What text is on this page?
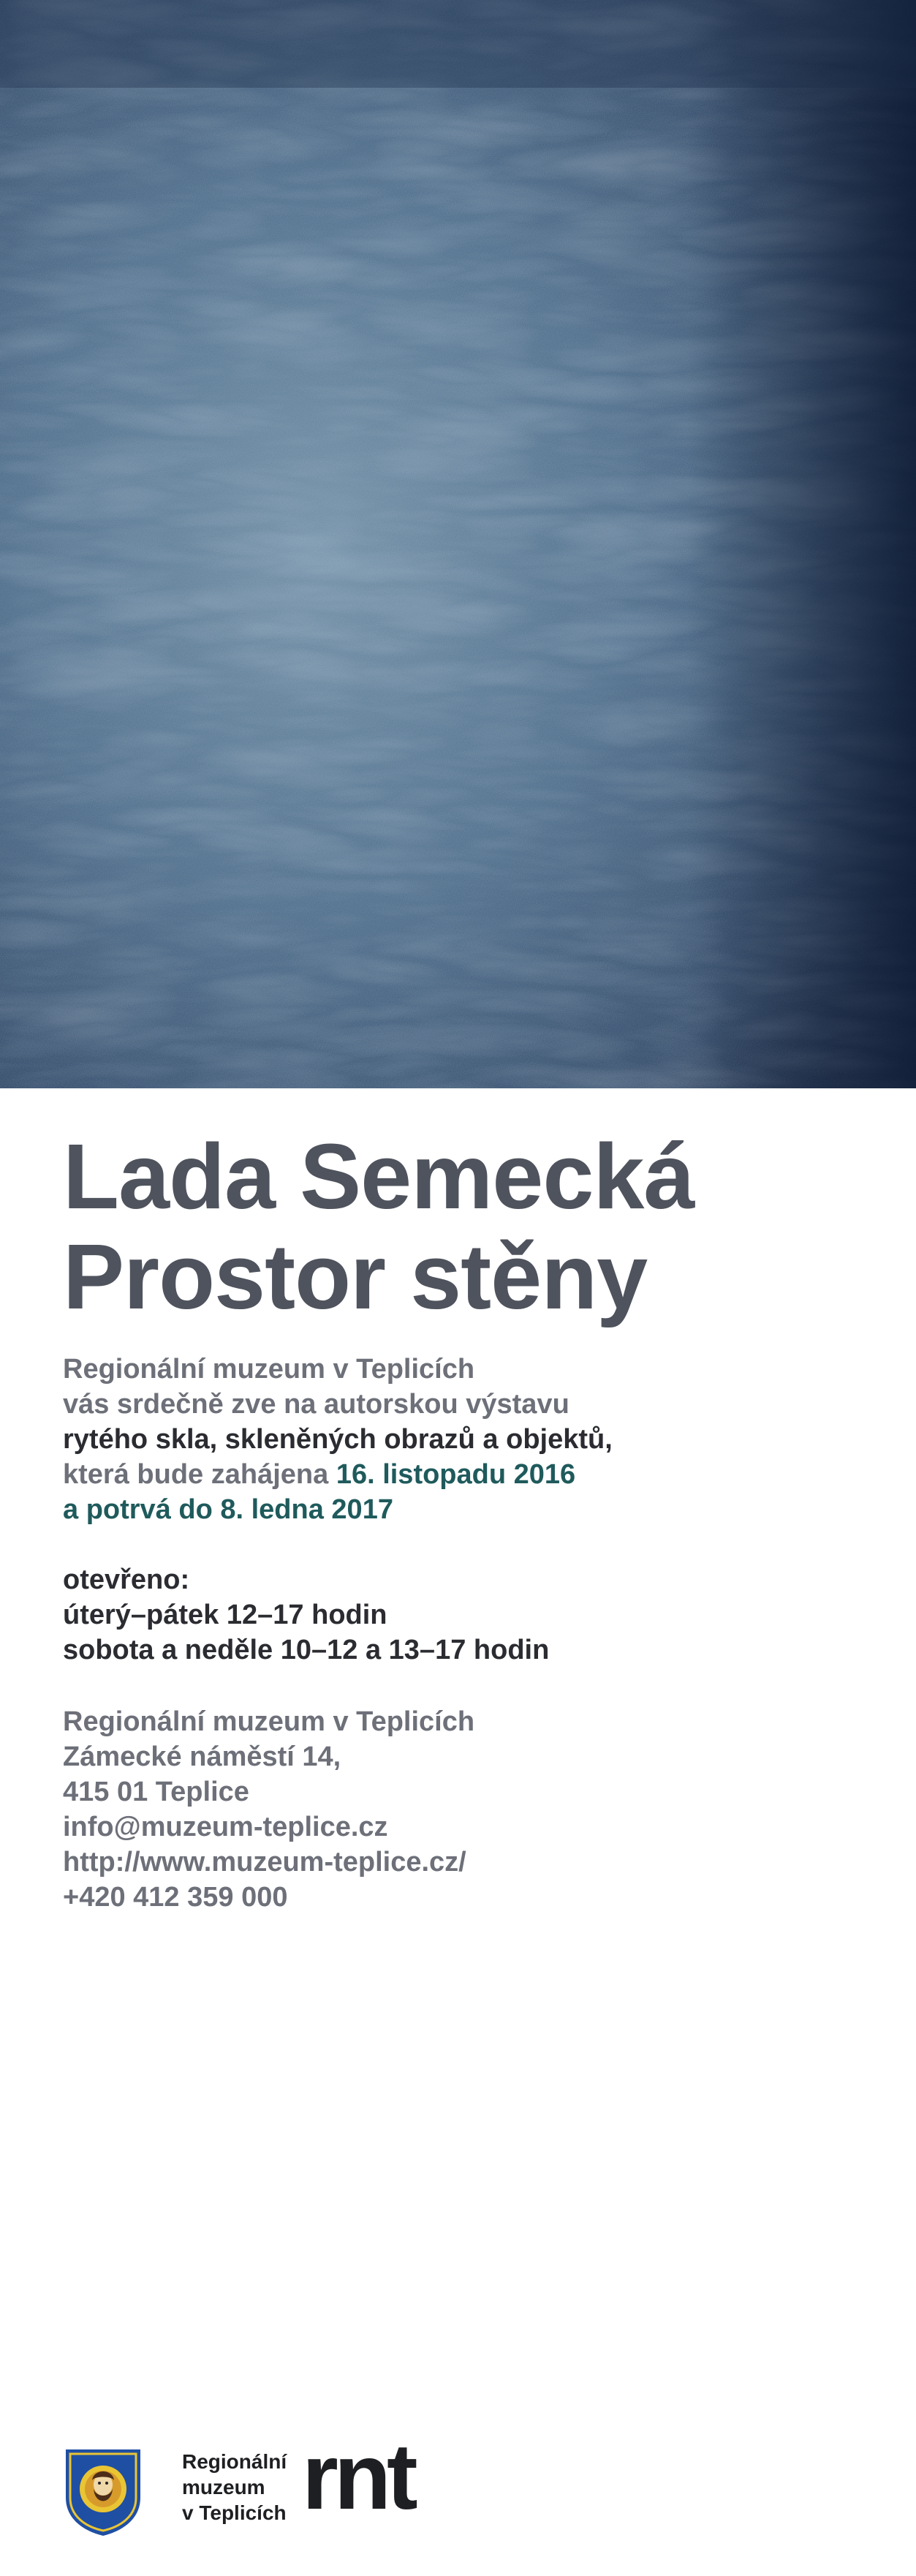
Lada Semecká
Prostor stěny
Regionální muzeum v Teplicích
vás srdečně zve na autorskou výstavu
rytého skla, skleněných obrazů a objektů,
která bude zahájena 16. listopadu 2016
a potrvá do 8. ledna 2017
otevřeno:
úterý–pátek 12–17 hodin
sobota a neděle 10–12 a 13–17 hodin
Regionální muzeum v Teplicích
Zámecké náměstí 14,
415 01 Teplice
info@muzeum-teplice.cz
http://www.muzeum-teplice.cz/
+420 412 359 000
Regionální
muzeum
v Teplicích rnt
